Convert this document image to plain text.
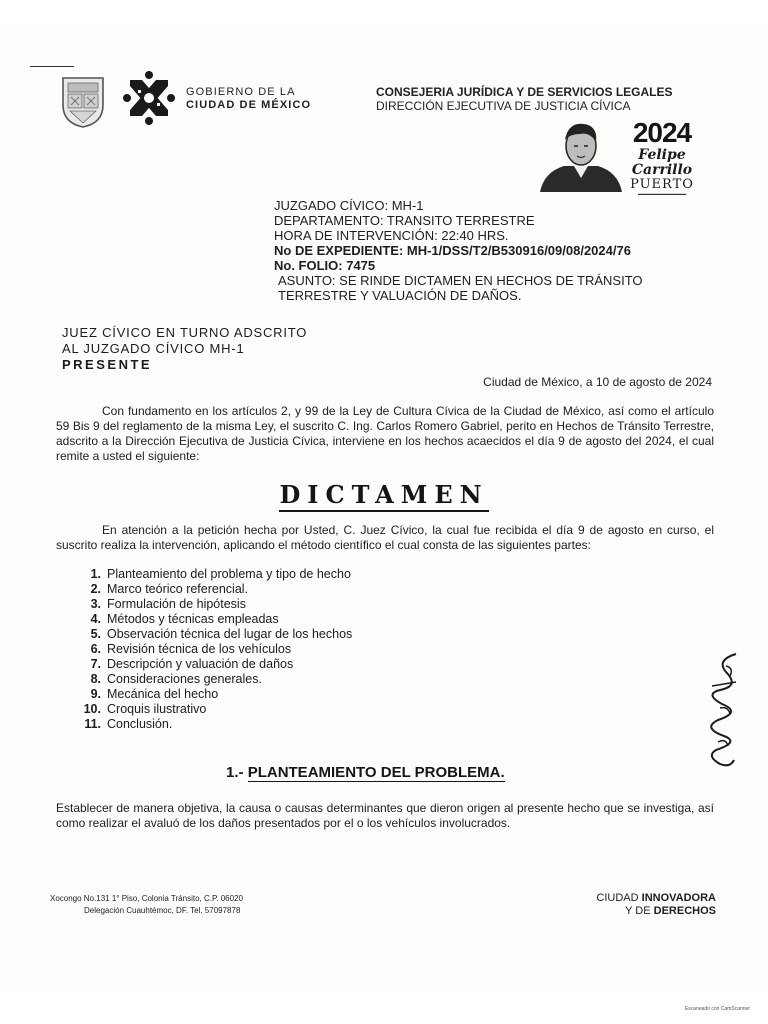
GOBIERNO DE LA
CIUDAD DE MÉXICO
CONSEJERIA JURÍDICA Y DE SERVICIOS LEGALES
DIRECCIÓN EJECUTIVA DE JUSTICIA CÍVICA
2024
Felipe Carrillo
PUERTO
▬▬▬▬▬▬▬▬▬▬▬▬
JUZGADO CÍVICO: MH-1
DEPARTAMENTO: TRANSITO TERRESTRE
HORA DE INTERVENCIÓN: 22:40 HRS.
No DE EXPEDIENTE: MH-1/DSS/T2/B530916/09/08/2024/76
No. FOLIO: 7475
ASUNTO: SE RINDE DICTAMEN EN HECHOS DE TRÁNSITO
TERRESTRE Y VALUACIÓN DE DAÑOS.
JUEZ CÍVICO EN TURNO ADSCRITO
AL JUZGADO CÍVICO MH-1
PRESENTE
Ciudad de México, a 10 de agosto de 2024
Con fundamento en los artículos 2, y 99 de la Ley de Cultura Cívica de la Ciudad de México, así como el artículo 59 Bis 9 del reglamento de la misma Ley, el suscrito C. Ing. Carlos Romero Gabriel, perito en Hechos de Tránsito Terrestre, adscrito a la Dirección Ejecutiva de Justicia Cívica, interviene en los hechos acaecidos el día 9 de agosto del 2024, el cual remite a usted el siguiente:
DICTAMEN
En atención a la petición hecha por Usted, C. Juez Cívico, la cual fue recibida el día 9 de agosto en curso, el suscrito realiza la intervención, aplicando el método científico el cual consta de las siguientes partes:
1. Planteamiento del problema y tipo de hecho
2. Marco teórico referencial.
3. Formulación de hipótesis
4. Métodos y técnicas empleadas
5. Observación técnica del lugar de los hechos
6. Revisión técnica de los vehículos
7. Descripción y valuación de daños
8. Consideraciones generales.
9. Mecánica del hecho
10. Croquis ilustrativo
11. Conclusión.
1.- PLANTEAMIENTO DEL PROBLEMA.
Establecer de manera objetiva, la causa o causas determinantes que dieron origen al presente hecho que se investiga, así como realizar el avaluó de los daños presentados por el o los vehículos involucrados.
Xocongo No.131 1° Piso, Colonia Tránsito, C.P. 06020
Delegación Cuauhtémoc, DF. Tel. 57097878
CIUDAD INNOVADORA
Y DE DERECHOS
Escaneado con CamScanner
